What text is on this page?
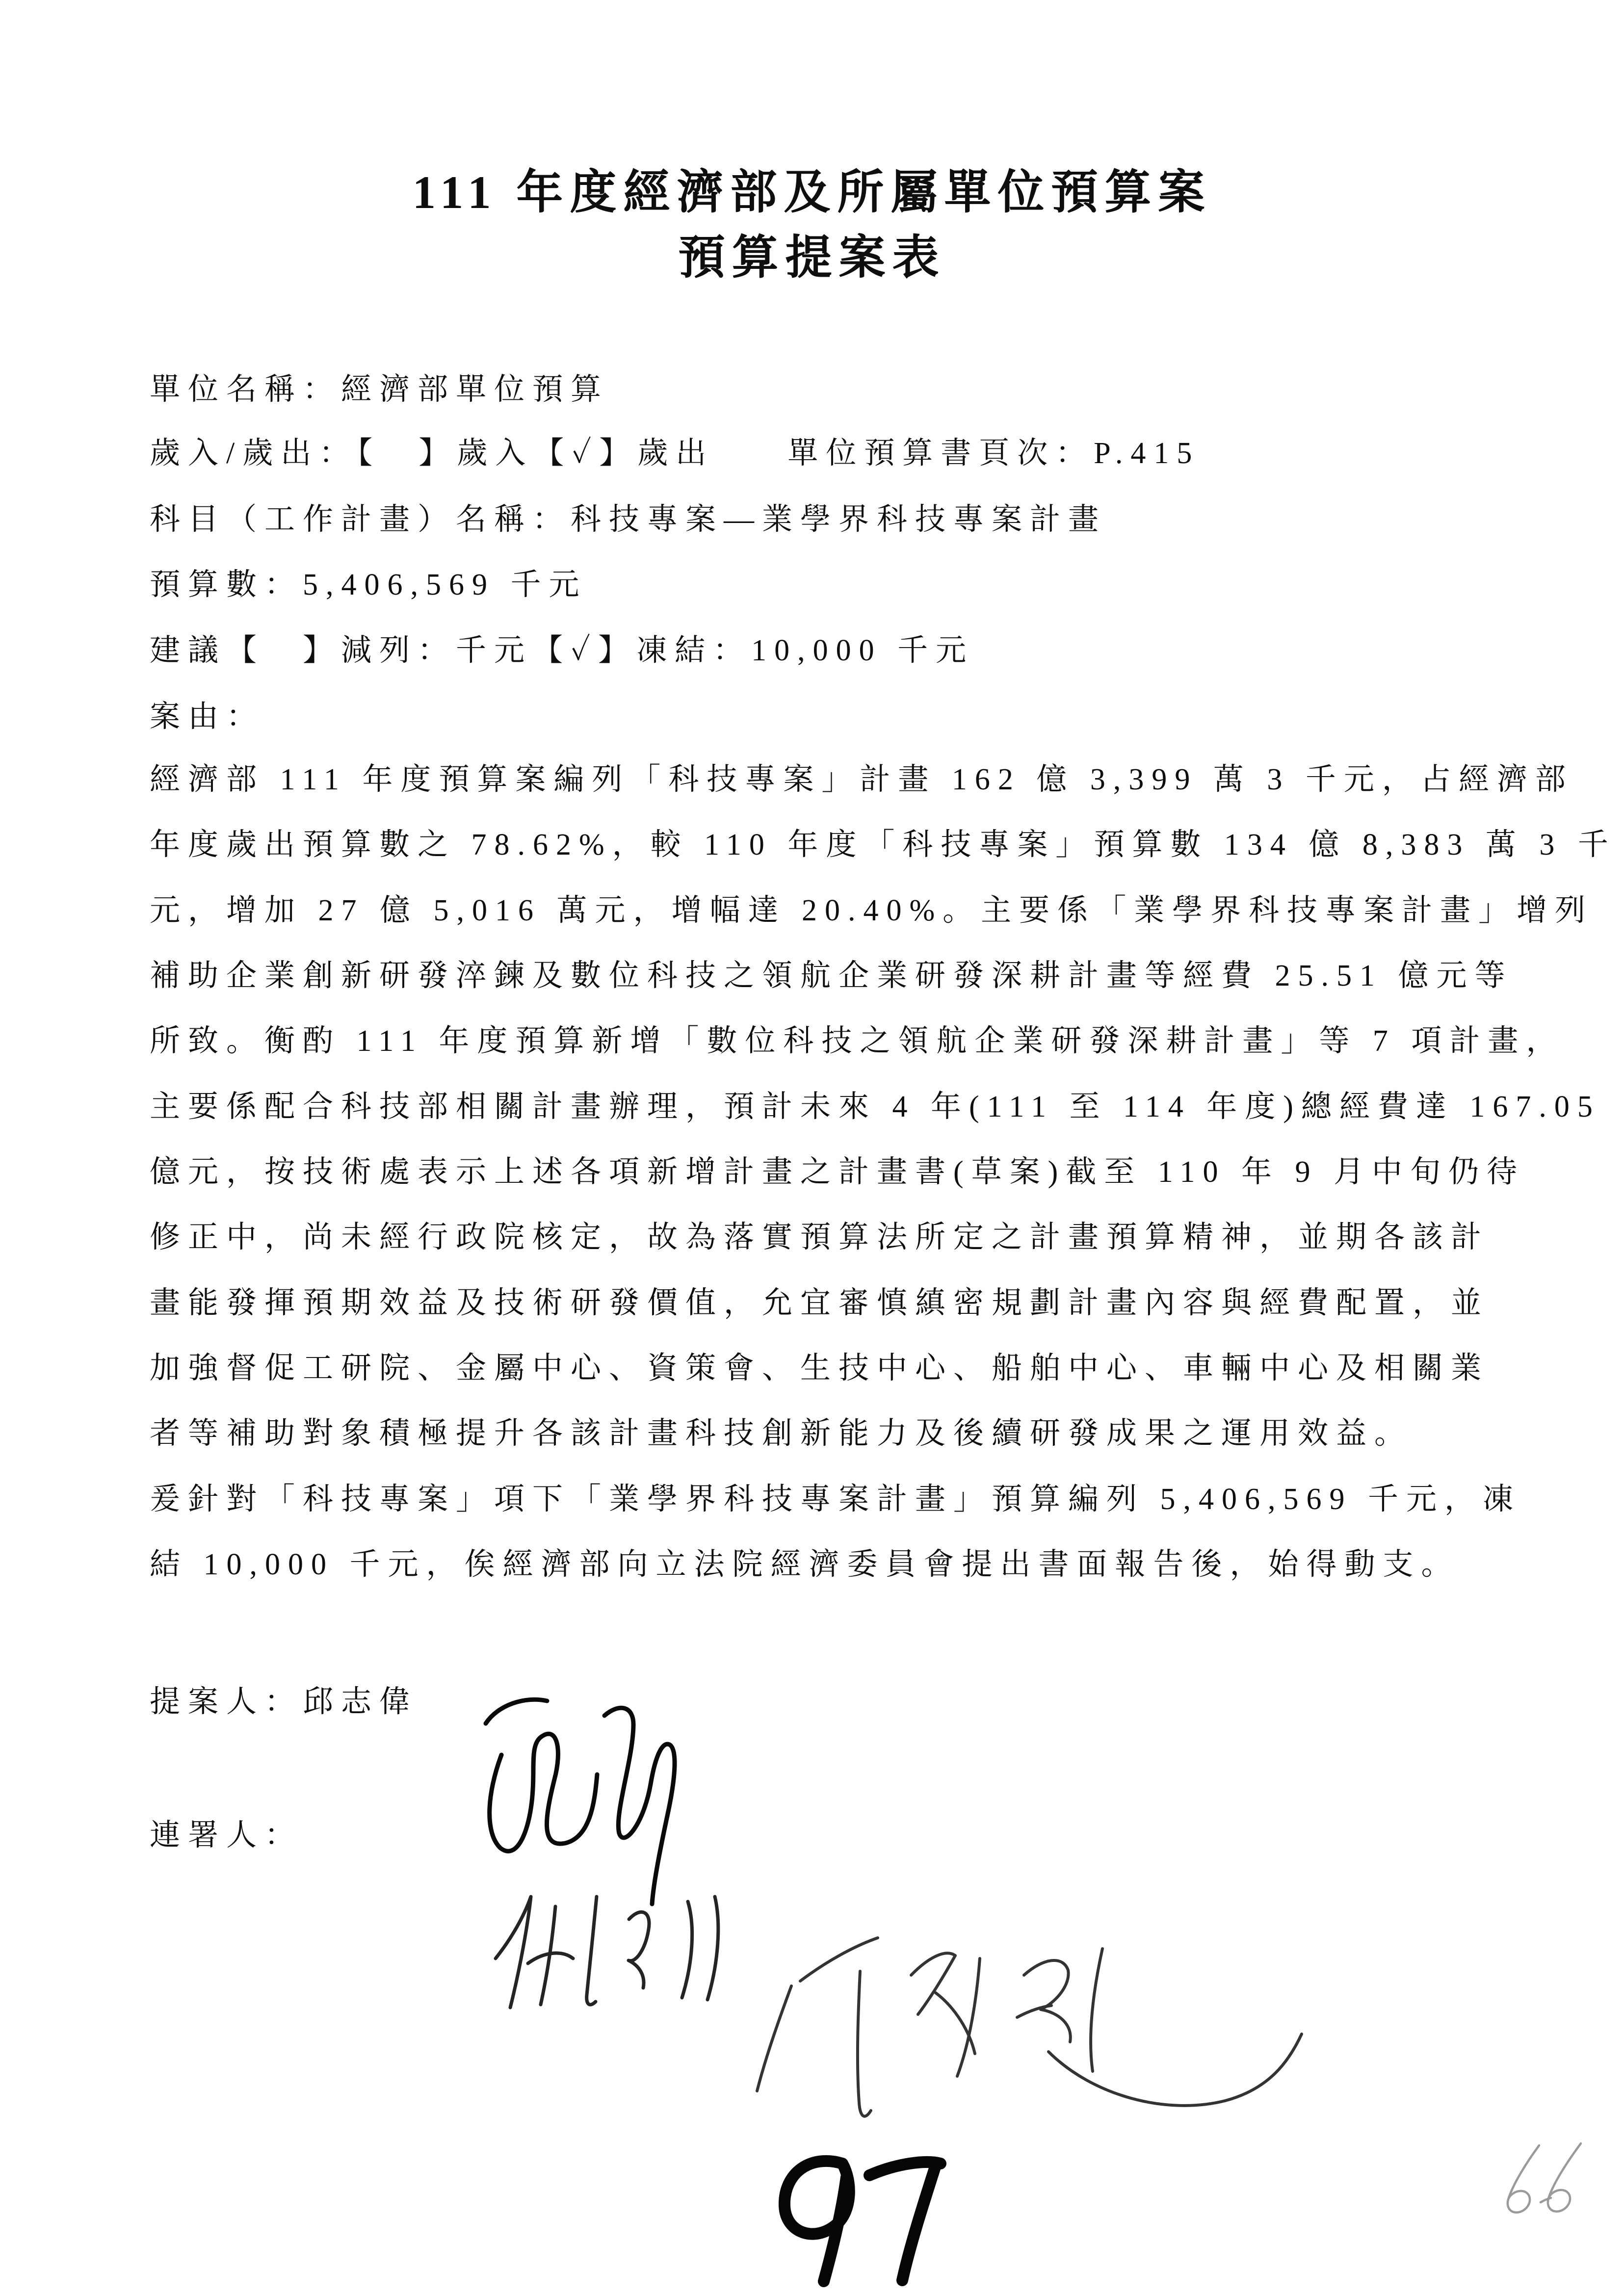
111 年度經濟部及所屬單位預算案
預算提案表
單位名稱：經濟部單位預算
歲入/歲出：【　】歲入【✓】歲出 單位預算書頁次：P.415
科目（工作計畫）名稱：科技專案—業學界科技專案計畫
預算數：5,406,569 千元
建議【　】減列：千元【✓】凍結：10,000 千元
案由：
經濟部 111 年度預算案編列「科技專案」計畫 162 億 3,399 萬 3 千元，占經濟部
年度歲出預算數之 78.62%，較 110 年度「科技專案」預算數 134 億 8,383 萬 3 千
元，增加 27 億 5,016 萬元，增幅達 20.40%。主要係「業學界科技專案計畫」增列
補助企業創新研發淬鍊及數位科技之領航企業研發深耕計畫等經費 25.51 億元等
所致。衡酌 111 年度預算新增「數位科技之領航企業研發深耕計畫」等 7 項計畫，
主要係配合科技部相關計畫辦理，預計未來 4 年(111 至 114 年度)總經費達 167.05
億元，按技術處表示上述各項新增計畫之計畫書(草案)截至 110 年 9 月中旬仍待
修正中，尚未經行政院核定，故為落實預算法所定之計畫預算精神，並期各該計
畫能發揮預期效益及技術研發價值，允宜審慎縝密規劃計畫內容與經費配置，並
加強督促工研院、金屬中心、資策會、生技中心、船舶中心、車輛中心及相關業
者等補助對象積極提升各該計畫科技創新能力及後續研發成果之運用效益。
爰針對「科技專案」項下「業學界科技專案計畫」預算編列 5,406,569 千元，凍
結 10,000 千元，俟經濟部向立法院經濟委員會提出書面報告後，始得動支。
提案人：邱志偉
連署人：
